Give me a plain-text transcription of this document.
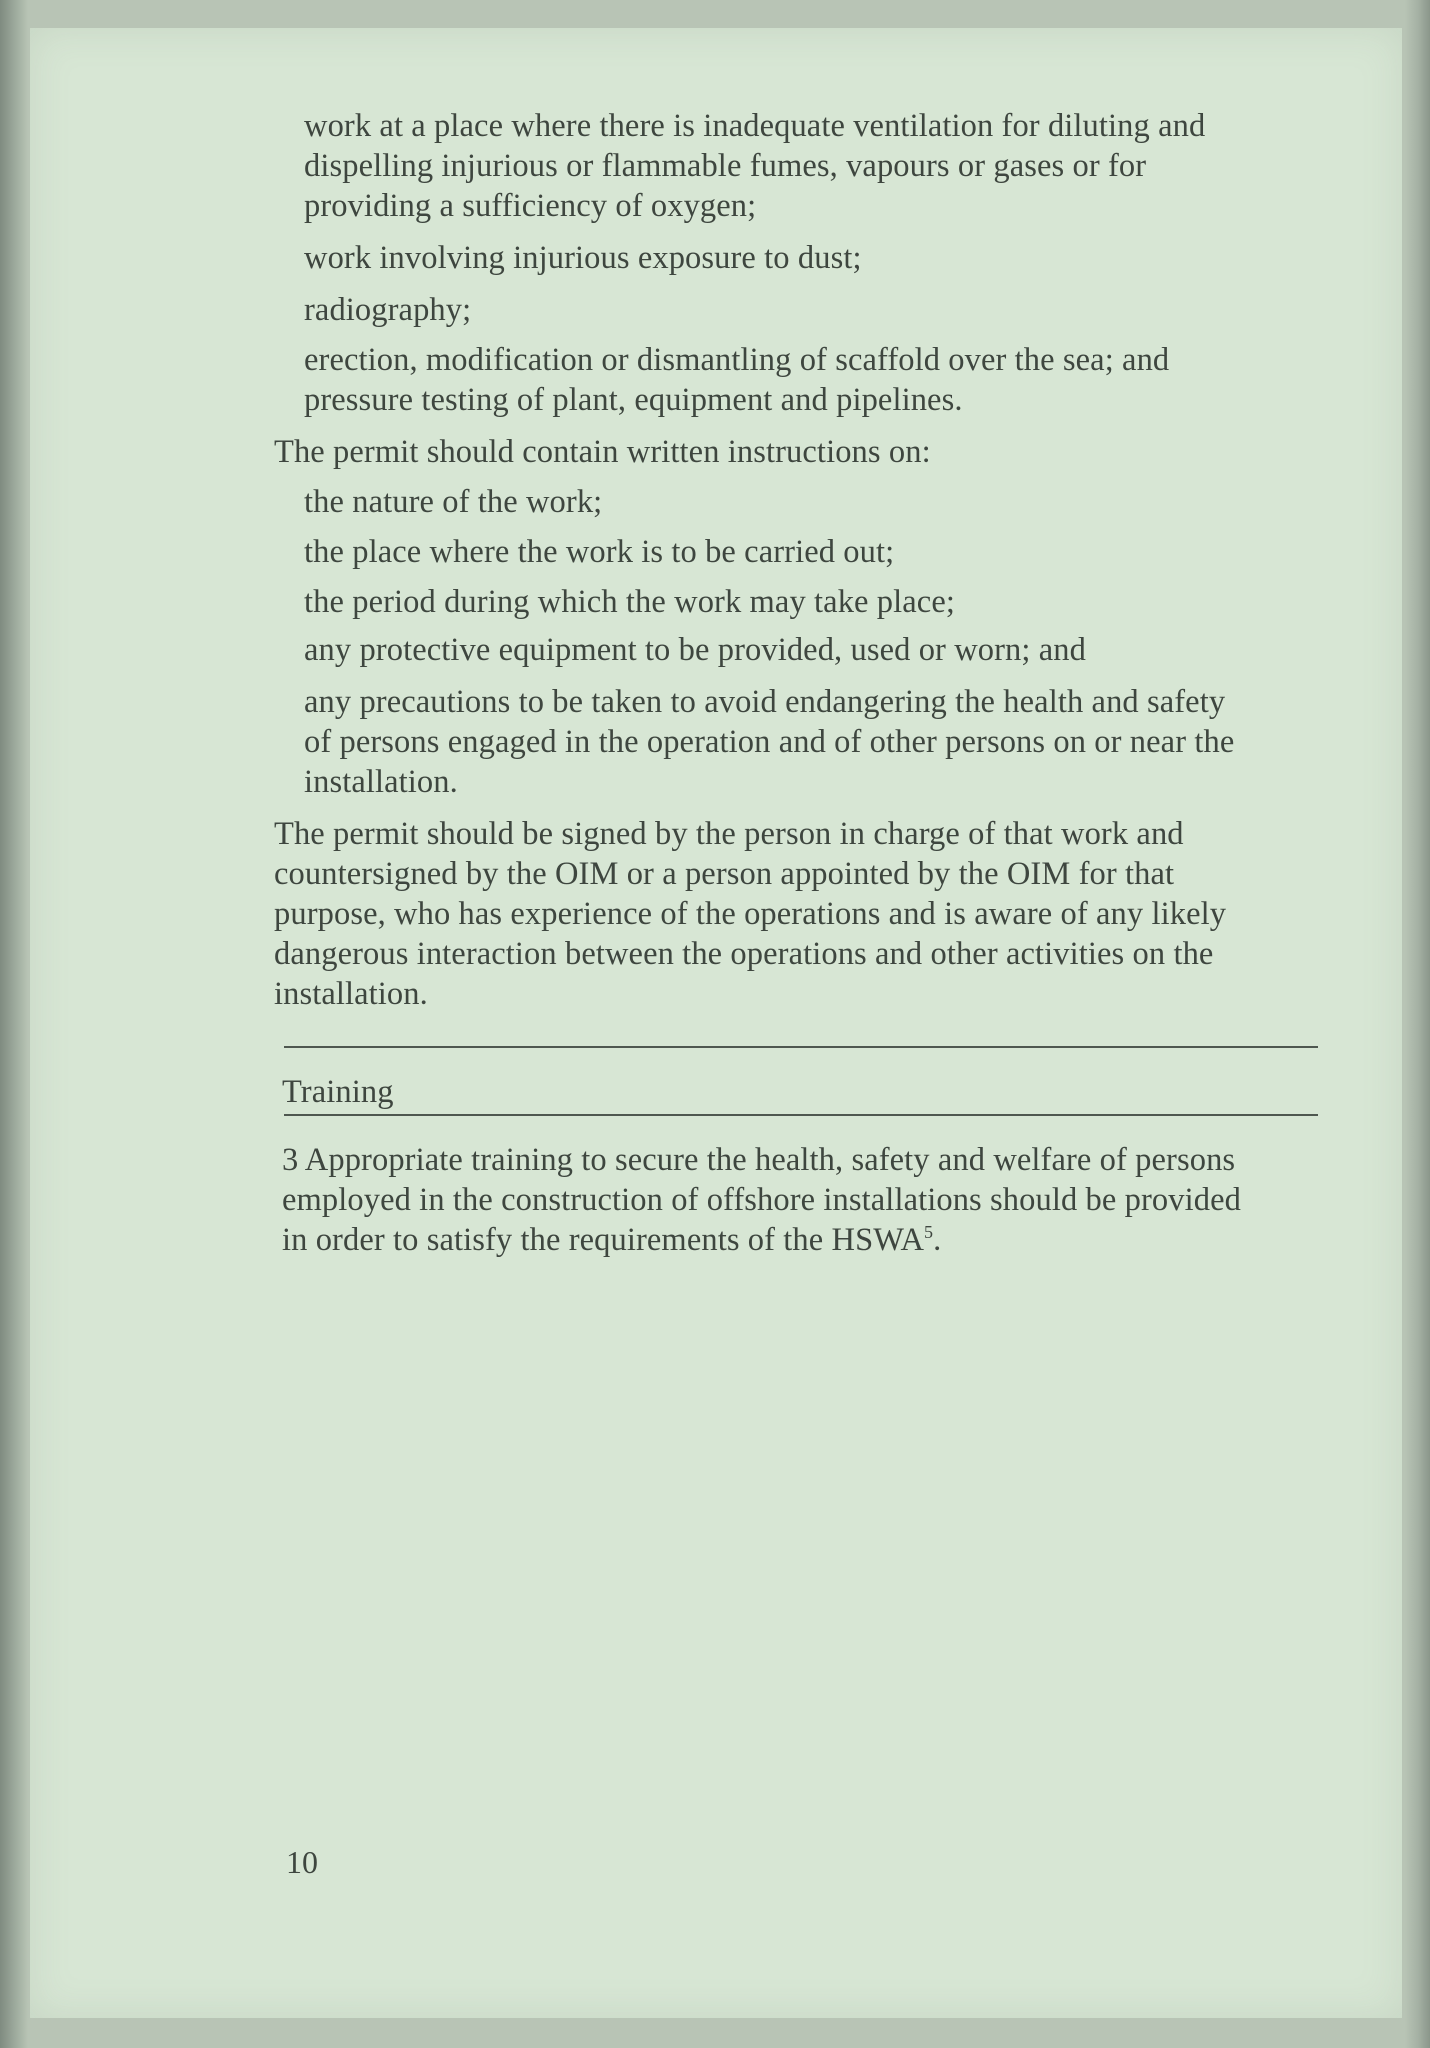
work at a place where there is inadequate ventilation for diluting and
dispelling injurious or flammable fumes, vapours or gases or for
providing a sufficiency of oxygen;
work involving injurious exposure to dust;
radiography;
erection, modification or dismantling of scaffold over the sea; and
pressure testing of plant, equipment and pipelines.
The permit should contain written instructions on:
the nature of the work;
the place where the work is to be carried out;
the period during which the work may take place;
any protective equipment to be provided, used or worn; and
any precautions to be taken to avoid endangering the health and safety
of persons engaged in the operation and of other persons on or near the
installation.
The permit should be signed by the person in charge of that work and
countersigned by the OIM or a person appointed by the OIM for that
purpose, who has experience of the operations and is aware of any likely
dangerous interaction between the operations and other activities on the
installation.
Training
3 Appropriate training to secure the health, safety and welfare of persons
employed in the construction of offshore installations should be provided
in order to satisfy the requirements of the HSWA$^5$.
10
